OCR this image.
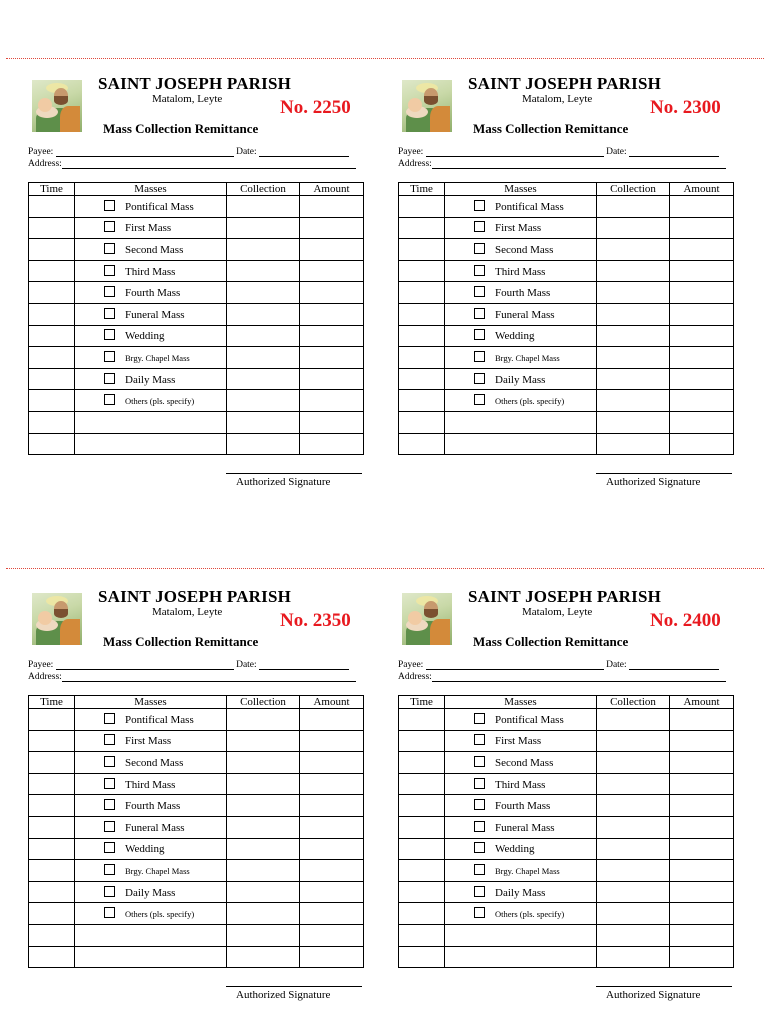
SAINT JOSEPH PARISH
Matalom, Leyte	No. 2250
Mass Collection Remittance
Payee:	Date:
Address:
Time	Masses	Collection	Amount
	Pontifical Mass		
	First Mass		
	Second Mass		
	Third Mass		
	Fourth Mass		
	Funeral Mass		
	Wedding		
	Brgy. Chapel Mass		
	Daily Mass		
	Others (pls. specify)		

Authorized Signature
SAINT JOSEPH PARISH
Matalom, Leyte	No. 2300
Mass Collection Remittance
Payee:	Date:
Address:
Time	Masses	Collection	Amount
	Pontifical Mass		
	First Mass		
	Second Mass		
	Third Mass		
	Fourth Mass		
	Funeral Mass		
	Wedding		
	Brgy. Chapel Mass		
	Daily Mass		
	Others (pls. specify)		

Authorized Signature
SAINT JOSEPH PARISH
Matalom, Leyte	No. 2350
Mass Collection Remittance
Payee:	Date:
Address:
Time	Masses	Collection	Amount
	Pontifical Mass		
	First Mass		
	Second Mass		
	Third Mass		
	Fourth Mass		
	Funeral Mass		
	Wedding		
	Brgy. Chapel Mass		
	Daily Mass		
	Others (pls. specify)		

Authorized Signature
SAINT JOSEPH PARISH
Matalom, Leyte	No. 2400
Mass Collection Remittance
Payee:	Date:
Address:
Time	Masses	Collection	Amount
	Pontifical Mass		
	First Mass		
	Second Mass		
	Third Mass		
	Fourth Mass		
	Funeral Mass		
	Wedding		
	Brgy. Chapel Mass		
	Daily Mass		
	Others (pls. specify)		

Authorized Signature
